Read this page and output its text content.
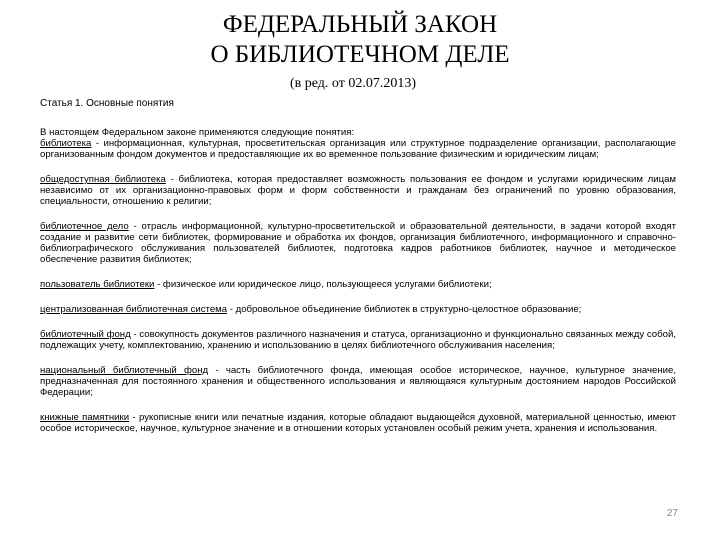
ФЕДЕРАЛЬНЫЙ ЗАКОН
О БИБЛИОТЕЧНОМ ДЕЛЕ
(в ред. от 02.07.2013)
Статья 1. Основные понятия

В настоящем Федеральном законе применяются следующие понятия:

библиотека - информационная, культурная, просветительская организация или структурное подразделение организации, располагающие организованным фондом документов и предоставляющие их во временное пользование физическим и юридическим лицам;

общедоступная библиотека - библиотека, которая предоставляет возможность пользования ее фондом и услугами юридическим лицам независимо от их организационно-правовых форм и форм собственности и гражданам без ограничений по уровню образования, специальности, отношению к религии;

библиотечное дело - отрасль информационной, культурно-просветительской и образовательной деятельности, в задачи которой входят создание и развитие сети библиотек, формирование и обработка их фондов, организация библиотечного, информационного и справочно-библиографического обслуживания пользователей библиотек, подготовка кадров работников библиотек, научное и методическое обеспечение развития библиотек;

пользователь библиотеки - физическое или юридическое лицо, пользующееся услугами библиотеки;

централизованная библиотечная система - добровольное объединение библиотек в структурно-целостное образование;

библиотечный фонд - совокупность документов различного назначения и статуса, организационно и функционально связанных между собой, подлежащих учету, комплектованию, хранению и использованию в целях библиотечного обслуживания населения;

национальный библиотечный фонд - часть библиотечного фонда, имеющая особое историческое, научное, культурное значение, предназначенная для постоянного хранения и общественного использования и являющаяся культурным достоянием народов Российской Федерации;

книжные памятники - рукописные книги или печатные издания, которые обладают выдающейся духовной, материальной ценностью, имеют особое историческое, научное, культурное значение и в отношении которых установлен особый режим учета, хранения и использования.

27
